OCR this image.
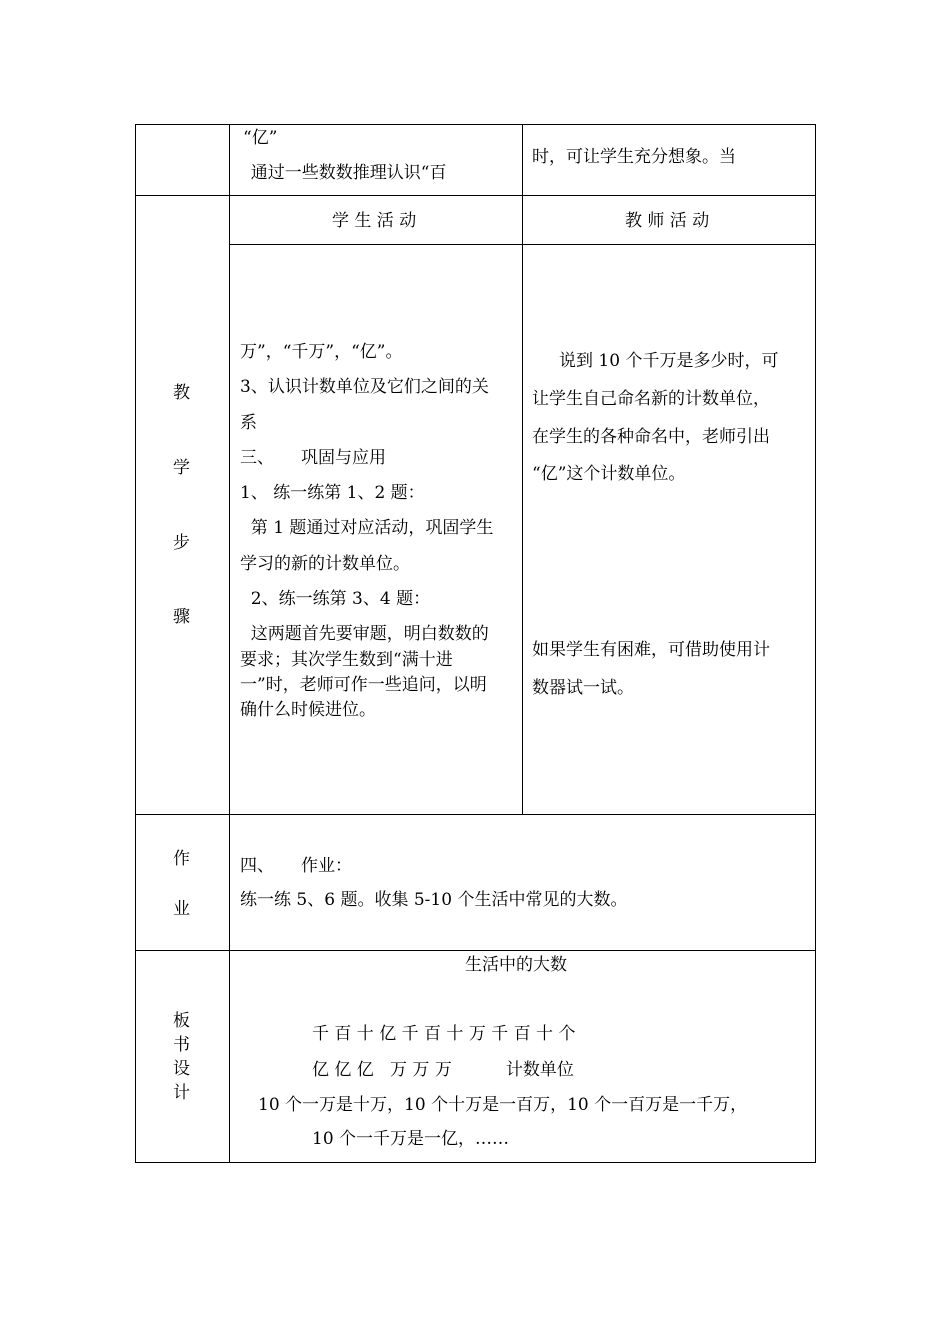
“亿”
通过一些数数推理认识“百
时，可让学生充分想象。当
学 生 活 动	教 师 活 动
教
学
步
骤
万”，“千万”，“亿”。
3、认识计数单位及它们之间的关
系
三、     巩固与应用
1、 练一练第 1、2 题：
第 1 题通过对应活动，巩固学生
学习的新的计数单位。
2、练一练第 3、4 题：
这两题首先要审题，明白数数的
要求；其次学生数到“满十进
一”时，老师可作一些追问，以明
确什么时候进位。
说到 10 个千万是多少时，可
让学生自己命名新的计数单位，
在学生的各种命名中，老师引出
“亿”这个计数单位。
如果学生有困难，可借助使用计
数器试一试。
作
业
四、     作业：
练一练 5、6 题。收集 5-10 个生活中常见的大数。
板
书
设
计
生活中的大数
千 百 十 亿 千 百 十 万 千 百 十 个
亿 亿 亿   万 万 万          计数单位
10 个一万是十万，10 个十万是一百万，10 个一百万是一千万，
10 个一千万是一亿，……
